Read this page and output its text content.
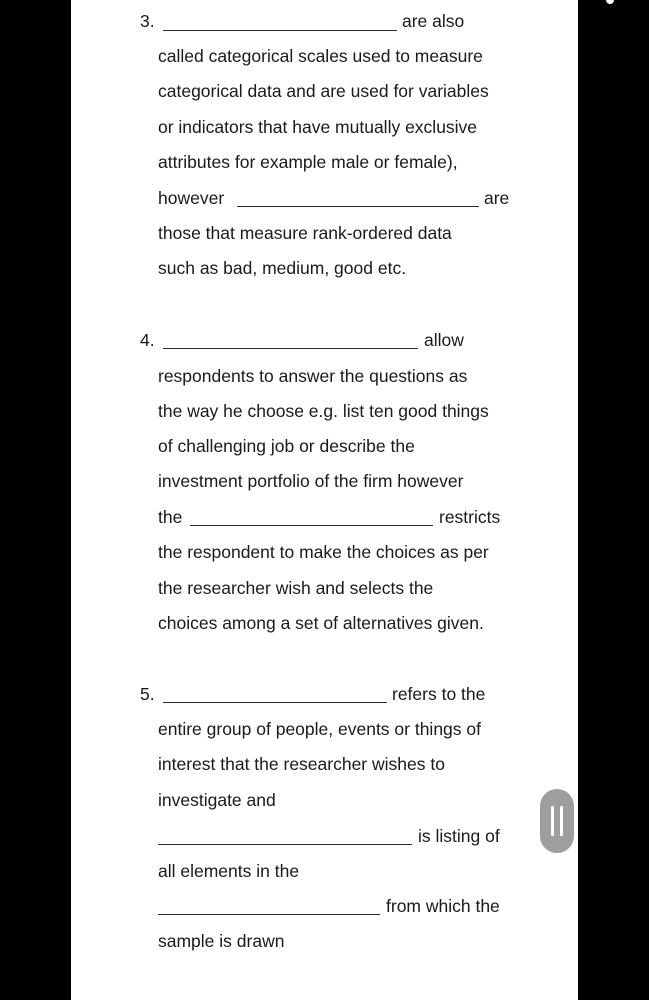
3.	are also
called categorical scales used to measure
categorical data and are used for variables
or indicators that have mutually exclusive
attributes for example male or female),
however	are
those that measure rank-ordered data
such as bad, medium, good etc.
4.	allow
respondents to answer the questions as
the way he choose e.g. list ten good things
of challenging job or describe the
investment portfolio of the firm however
the	restricts
the respondent to make the choices as per
the researcher wish and selects the
choices among a set of alternatives given.
5.	refers to the
entire group of people, events or things of
interest that the researcher wishes to
investigate and
is listing of
all elements in the
from which the
sample is drawn
